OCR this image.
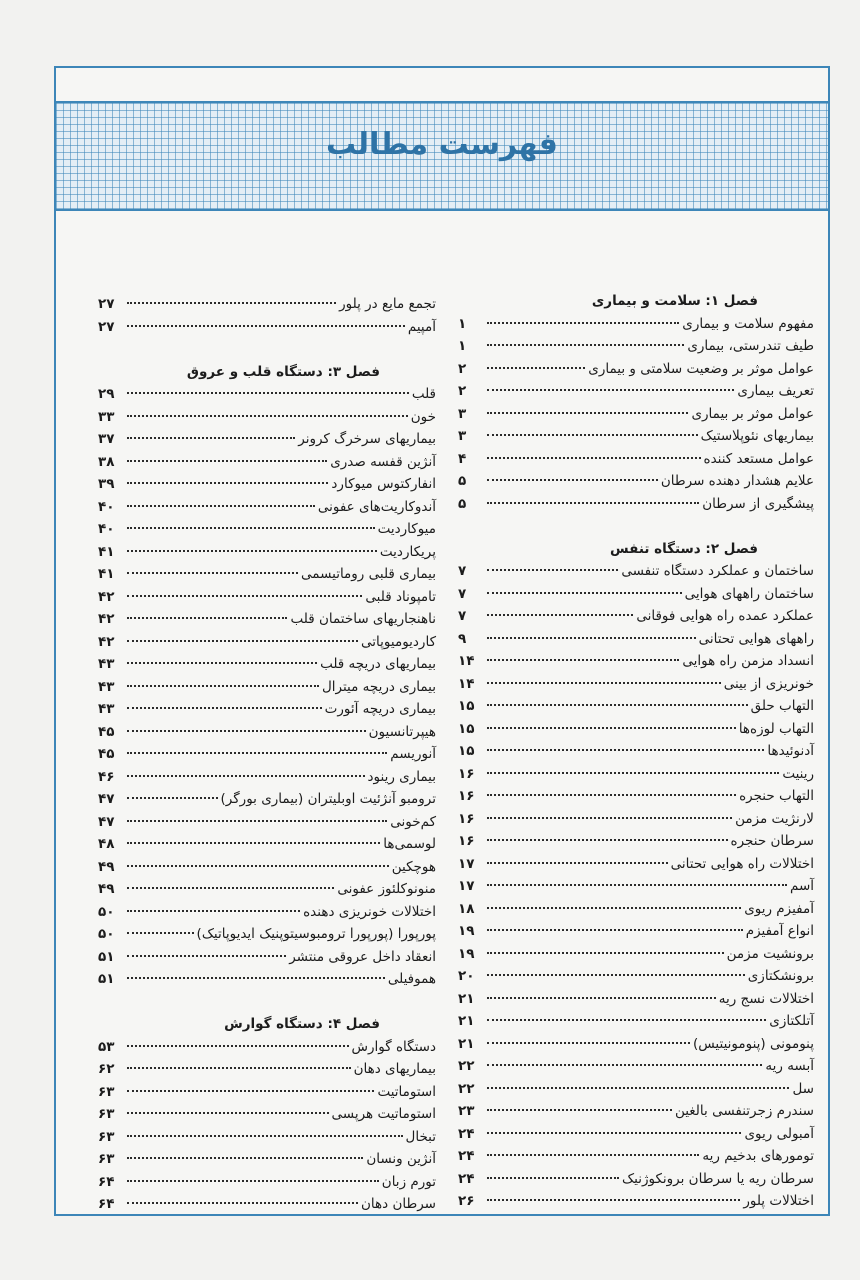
فهرست مطالب
فصل ۱: سلامت و بیماری
مفهوم سلامت و بیماری
۱
طیف تندرستی، بیماری
۱
عوامل موثر بر وضعیت سلامتی و بیماری
۲
تعریف بیماری
۲
عوامل موثر بر بیماری
۳
بیماریهای نئوپلاستیک
۳
عوامل مستعد کننده
۴
علایم هشدار دهنده سرطان
۵
پیشگیری از سرطان
۵
فصل ۲: دستگاه تنفس
ساختمان و عملکرد دستگاه تنفسی
۷
ساختمان راههای هوایی
۷
عملکرد عمده راه هوایی فوقانی
۷
راههای هوایی تحتانی
۹
انسداد مزمن راه هوایی
۱۴
خونریزی از بینی
۱۴
التهاب حلق
۱۵
التهاب لوزه‌ها
۱۵
آدنوئیدها
۱۵
رینیت
۱۶
التهاب حنجره
۱۶
لارنژیت مزمن
۱۶
سرطان حنجره
۱۶
اختلالات راه هوایی تحتانی
۱۷
آسم
۱۷
آمفیزم ریوی
۱۸
انواع آمفیزم
۱۹
برونشیت مزمن
۱۹
برونشکتازی
۲۰
اختلالات نسج ریه
۲۱
آتلکتازی
۲۱
پنومونی (پنومونیتیس)
۲۱
آبسه ریه
۲۲
سل
۲۲
سندرم زجرتنفسی بالغین
۲۳
آمبولی ریوی
۲۴
تومورهای بدخیم ریه
۲۴
سرطان ریه یا سرطان برونکوژنیک
۲۴
اختلالات پلور
۲۶
تجمع مایع در پلور
۲۷
آمپیم
۲۷
فصل ۳: دستگاه قلب و عروق
قلب
۲۹
خون
۳۳
بیماریهای سرخرگ کرونر
۳۷
آنژین قفسه صدری
۳۸
انفارکتوس میوکارد
۳۹
آندوکاریت‌های عفونی
۴۰
میوکاردیت
۴۰
پریکاردیت
۴۱
بیماری قلبی روماتیسمی
۴۱
تامپوناد قلبی
۴۲
ناهنجاریهای ساختمان قلب
۴۲
کاردیومیوپاتی
۴۲
بیماریهای دریچه قلب
۴۳
بیماری دریچه میترال
۴۳
بیماری دریچه آئورت
۴۳
هیپرتانسیون
۴۵
آنوریسم
۴۵
بیماری رینود
۴۶
ترومبو آنژئیت اوبلیتران (بیماری بورگر)
۴۷
کم‌خونی
۴۷
لوسمی‌ها
۴۸
هوچکین
۴۹
منونوکلئوز عفونی
۴۹
اختلالات خونریزی دهنده
۵۰
پورپورا (پورپورا ترومبوسیتوپنیک ایدیوپاتیک)
۵۰
انعقاد داخل عروقی منتشر
۵۱
هموفیلی
۵۱
فصل ۴: دستگاه گوارش
دستگاه گوارش
۵۳
بیماریهای دهان
۶۲
استوماتیت
۶۳
استوماتیت هرپسی
۶۳
تبخال
۶۳
آنژین ونسان
۶۳
تورم زبان
۶۴
سرطان دهان
۶۴
